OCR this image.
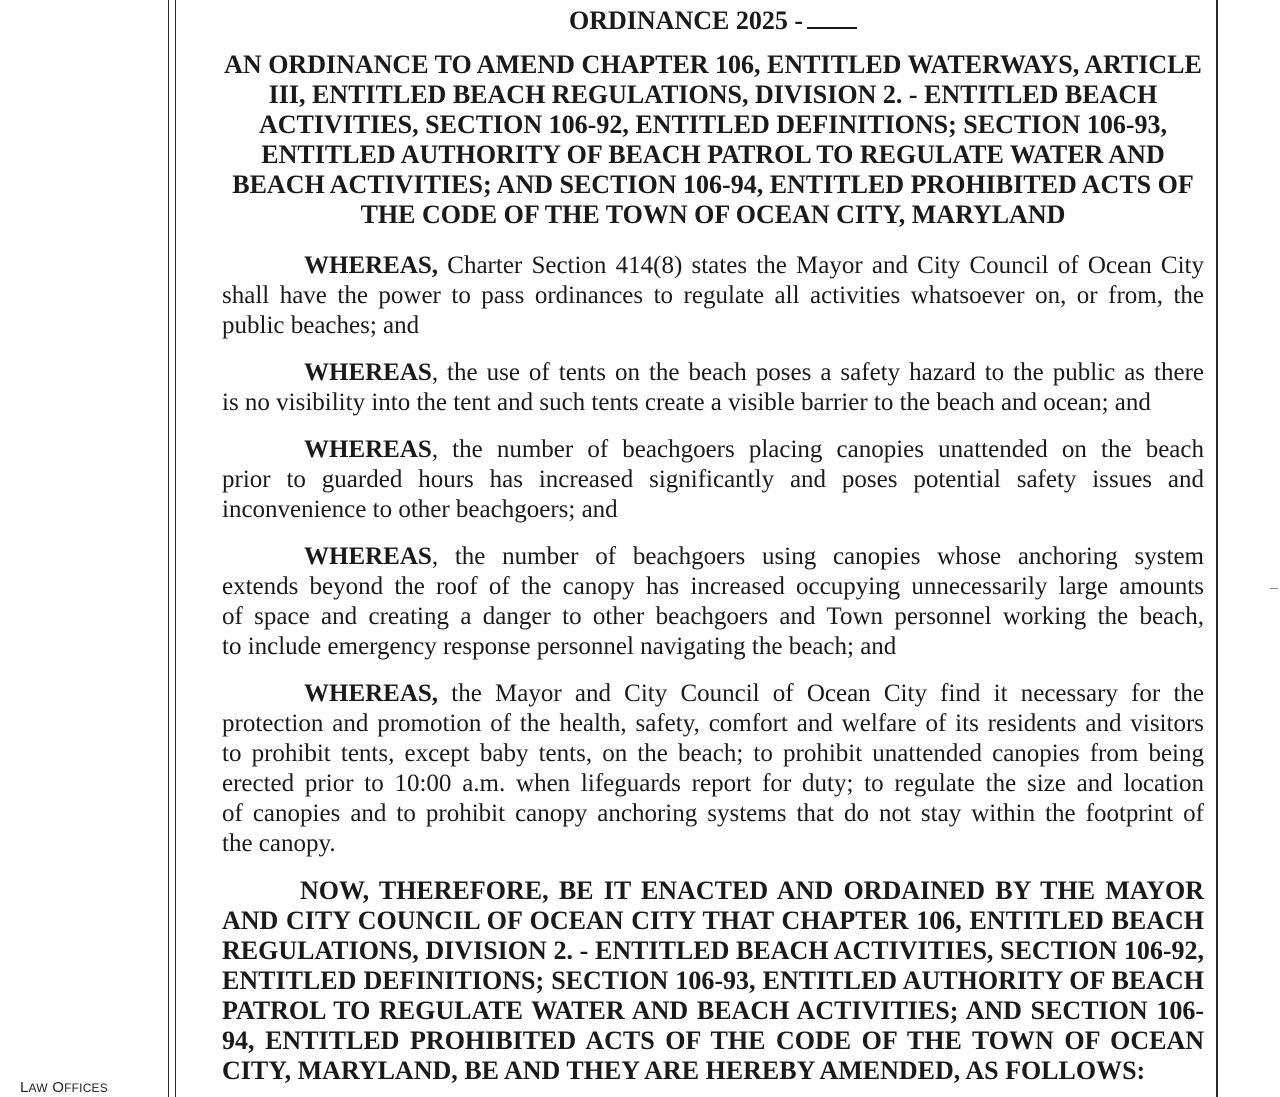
LAW OFFICES
ORDINANCE 2025 -
AN ORDINANCE TO AMEND CHAPTER 106, ENTITLED WATERWAYS, ARTICLE
III, ENTITLED BEACH REGULATIONS, DIVISION 2. - ENTITLED BEACH
ACTIVITIES, SECTION 106-92, ENTITLED DEFINITIONS; SECTION 106-93,
ENTITLED AUTHORITY OF BEACH PATROL TO REGULATE WATER AND
BEACH ACTIVITIES; AND SECTION 106-94, ENTITLED PROHIBITED ACTS OF
THE CODE OF THE TOWN OF OCEAN CITY, MARYLAND
WHEREAS, Charter Section 414(8) states the Mayor and City Council of Ocean City
shall have the power to pass ordinances to regulate all activities whatsoever on, or from, the
public beaches; and
WHEREAS, the use of tents on the beach poses a safety hazard to the public as there
is no visibility into the tent and such tents create a visible barrier to the beach and ocean; and
WHEREAS, the number of beachgoers placing canopies unattended on the beach
prior to guarded hours has increased significantly and poses potential safety issues and
inconvenience to other beachgoers; and
WHEREAS, the number of beachgoers using canopies whose anchoring system
extends beyond the roof of the canopy has increased occupying unnecessarily large amounts
of space and creating a danger to other beachgoers and Town personnel working the beach,
to include emergency response personnel navigating the beach; and
WHEREAS, the Mayor and City Council of Ocean City find it necessary for the
protection and promotion of the health, safety, comfort and welfare of its residents and visitors
to prohibit tents, except baby tents, on the beach; to prohibit unattended canopies from being
erected prior to 10:00 a.m. when lifeguards report for duty; to regulate the size and location
of canopies and to prohibit canopy anchoring systems that do not stay within the footprint of
the canopy.
NOW, THEREFORE, BE IT ENACTED AND ORDAINED BY THE MAYOR
AND CITY COUNCIL OF OCEAN CITY THAT CHAPTER 106, ENTITLED BEACH
REGULATIONS, DIVISION 2. - ENTITLED BEACH ACTIVITIES, SECTION 106-92,
ENTITLED DEFINITIONS; SECTION 106-93, ENTITLED AUTHORITY OF BEACH
PATROL TO REGULATE WATER AND BEACH ACTIVITIES; AND SECTION 106-
94, ENTITLED PROHIBITED ACTS OF THE CODE OF THE TOWN OF OCEAN
CITY, MARYLAND, BE AND THEY ARE HEREBY AMENDED, AS FOLLOWS:
